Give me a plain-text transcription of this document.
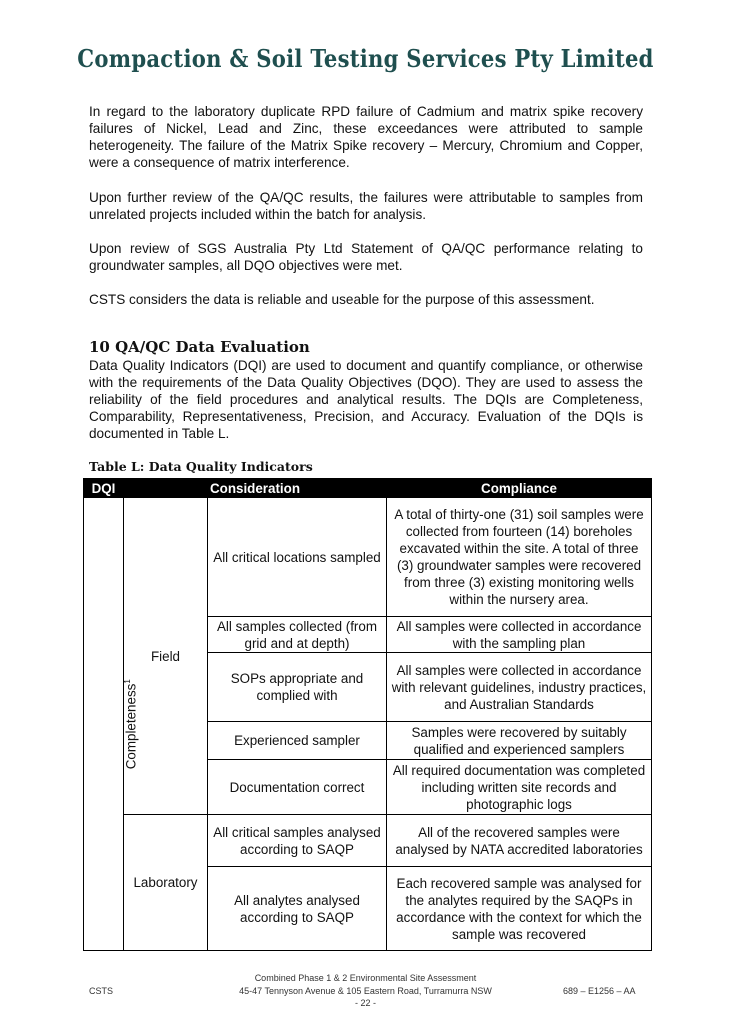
Compaction & Soil Testing Services Pty Limited

In regard to the laboratory duplicate RPD failure of Cadmium and matrix spike recovery failures of Nickel, Lead and Zinc, these exceedances were attributed to sample heterogeneity. The failure of the Matrix Spike recovery – Mercury, Chromium and Copper, were a consequence of matrix interference.

Upon further review of the QA/QC results, the failures were attributable to samples from unrelated projects included within the batch for analysis.

Upon review of SGS Australia Pty Ltd Statement of QA/QC performance relating to groundwater samples, all DQO objectives were met.

CSTS considers the data is reliable and useable for the purpose of this assessment.

10 QA/QC Data Evaluation

Data Quality Indicators (DQI) are used to document and quantify compliance, or otherwise with the requirements of the Data Quality Objectives (DQO). They are used to assess the reliability of the field procedures and analytical results. The DQIs are Completeness, Comparability, Representativeness, Precision, and Accuracy. Evaluation of the DQIs is documented in Table L.

Table L: Data Quality Indicators
DQI	Consideration		Compliance
Completeness$^1$	Field	All critical locations sampled	A total of thirty-one (31) soil samples were collected from fourteen (14) boreholes excavated within the site. A total of three (3) groundwater samples were recovered from three (3) existing monitoring wells within the nursery area.
		All samples collected (from grid and at depth)	All samples were collected in accordance with the sampling plan
		SOPs appropriate and complied with	All samples were collected in accordance with relevant guidelines, industry practices, and Australian Standards
		Experienced sampler	Samples were recovered by suitably qualified and experienced samplers
		Documentation correct	All required documentation was completed including written site records and photographic logs
	Laboratory	All critical samples analysed according to SAQP	All of the recovered samples were analysed by NATA accredited laboratories
		All analytes analysed according to SAQP	Each recovered sample was analysed for the analytes required by the SAQPs in accordance with the context for which the sample was recovered
CSTS
Combined Phase 1 & 2 Environmental Site Assessment
45-47 Tennyson Avenue & 105 Eastern Road, Turramurra NSW
- 22 -
689 – E1256 – AA
